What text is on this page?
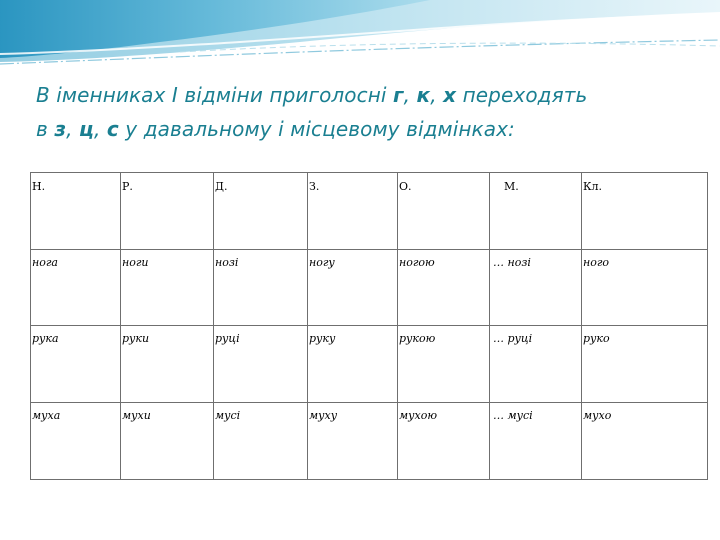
В іменниках І відміни приголосні г, к, х переходять
в з, ц, с у давальному і місцевому відмінках:

Н.	Р.	Д.	З.	О.	М.	Кл.
нога	ноги	нозі	ногу	ногою	… нозі	ного
рука	руки	руці	руку	рукою	… руці	руко
муха	мухи	мусі	муху	мухою	… мусі	мухо
